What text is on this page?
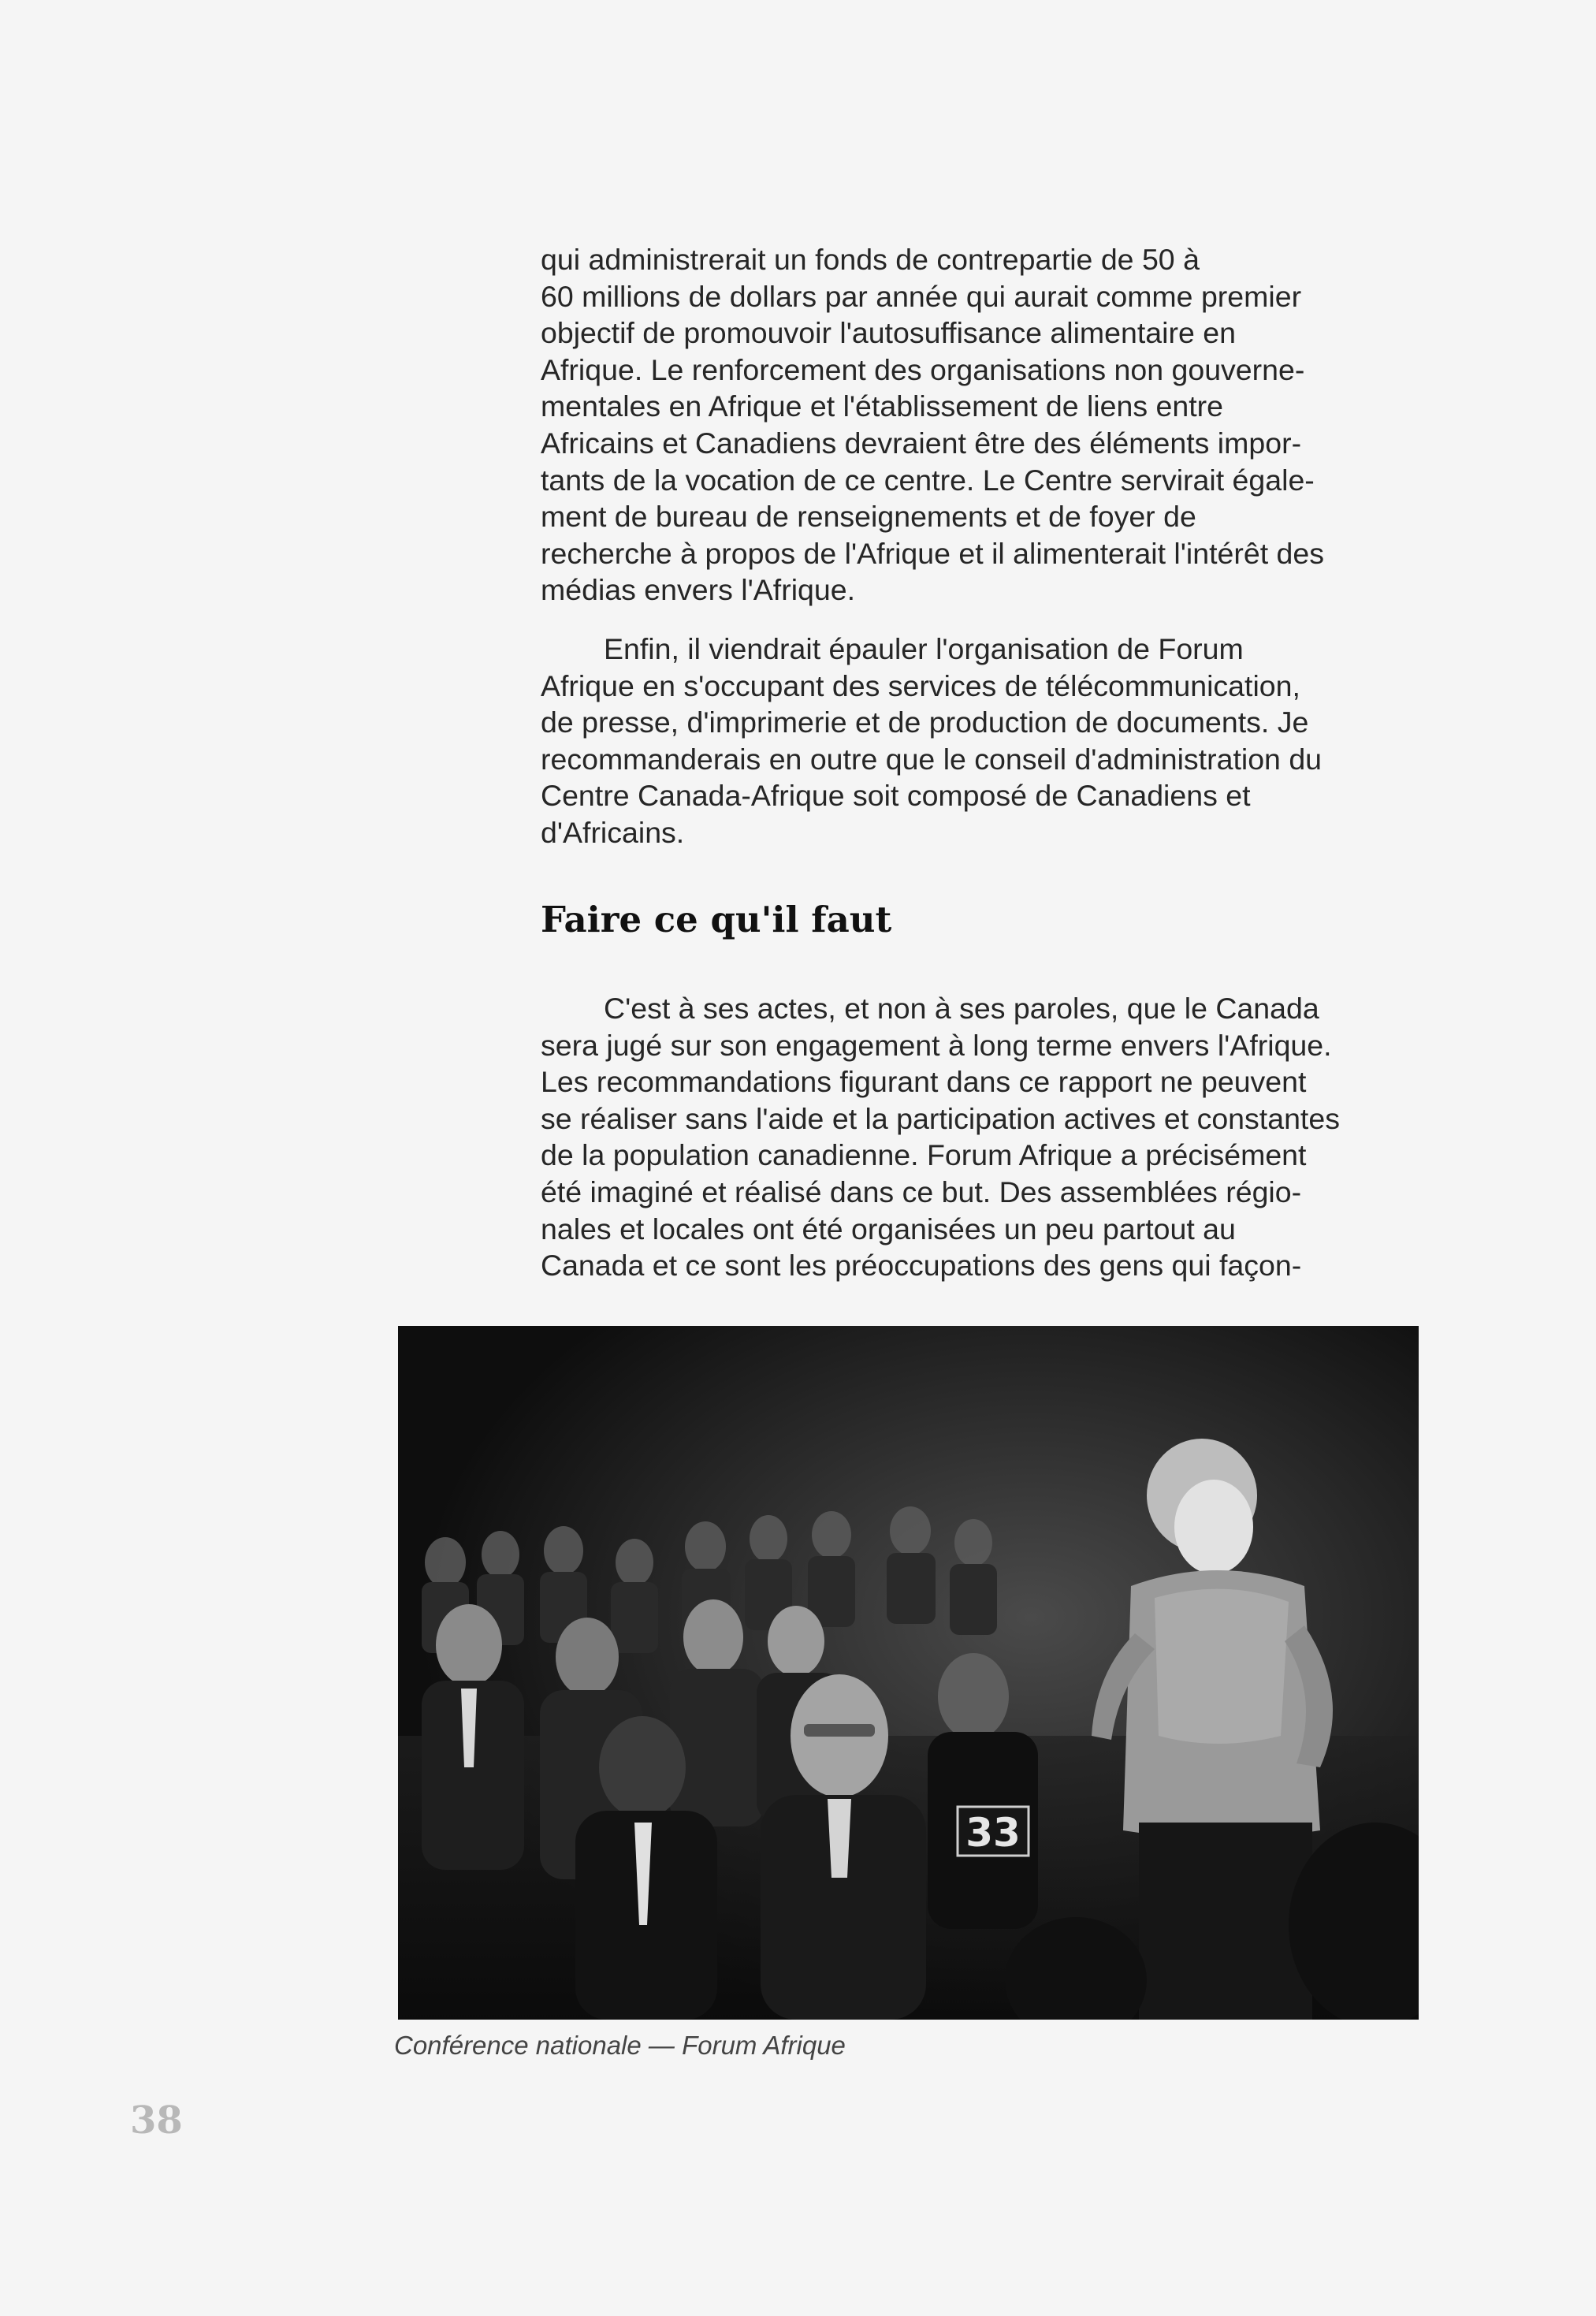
qui administrerait un fonds de contrepartie de 50 à
60 millions de dollars par année qui aurait comme premier
objectif de promouvoir l'autosuffisance alimentaire en
Afrique. Le renforcement des organisations non gouverne-
mentales en Afrique et l'établissement de liens entre
Africains et Canadiens devraient être des éléments impor-
tants de la vocation de ce centre. Le Centre servirait égale-
ment de bureau de renseignements et de foyer de
recherche à propos de l'Afrique et il alimenterait l'intérêt des
médias envers l'Afrique.

Enfin, il viendrait épauler l'organisation de Forum
Afrique en s'occupant des services de télécommunication,
de presse, d'imprimerie et de production de documents. Je
recommanderais en outre que le conseil d'administration du
Centre Canada-Afrique soit composé de Canadiens et
d'Africains.

Faire ce qu'il faut

C'est à ses actes, et non à ses paroles, que le Canada
sera jugé sur son engagement à long terme envers l'Afrique.
Les recommandations figurant dans ce rapport ne peuvent
se réaliser sans l'aide et la participation actives et constantes
de la population canadienne. Forum Afrique a précisément
été imaginé et réalisé dans ce but. Des assemblées régio-
nales et locales ont été organisées un peu partout au
Canada et ce sont les préoccupations des gens qui façon-

33
Conférence nationale — Forum Afrique
38
